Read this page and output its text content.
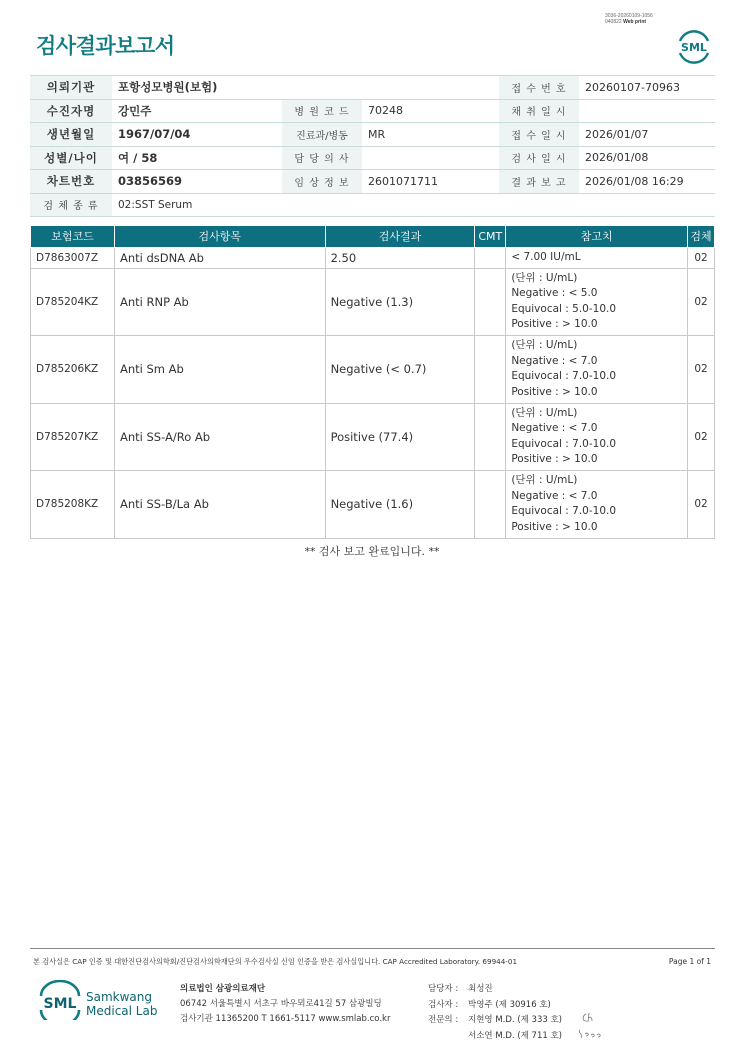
3036-20260109-1056
040822 Web print
검사결과보고서	SML
의뢰기관	포항성모병원(보험)			접 수 번 호	20260107-70963
수진자명	강민주	병 원 코 드	70248	채 취 일 시	
생년월일	1967/07/04	진료과/병동	MR	접 수 일 시	2026/01/07
성별/나이	여 / 58	담 당 의 사		검 사 일 시	2026/01/08
차트번호	03856569	임 상 정 보	2601071711	결 과 보 고	2026/01/08 16:29
검 체 종 류	02:SST Serum				
보험코드	검사항목	검사결과	CMT	참고치	검체
D7863007Z	Anti dsDNA Ab	2.50		< 7.00 IU/mL	02
D785204KZ	Anti RNP Ab	Negative (1.3)		(단위 : U/mL)
Negative : < 5.0
Equivocal : 5.0-10.0
Positive : > 10.0	02
D785206KZ	Anti Sm Ab	Negative (< 0.7)		(단위 : U/mL)
Negative : < 7.0
Equivocal : 7.0-10.0
Positive : > 10.0	02
D785207KZ	Anti SS-A/Ro Ab	Positive (77.4)		(단위 : U/mL)
Negative : < 7.0
Equivocal : 7.0-10.0
Positive : > 10.0	02
D785208KZ	Anti SS-B/La Ab	Negative (1.6)		(단위 : U/mL)
Negative : < 7.0
Equivocal : 7.0-10.0
Positive : > 10.0	02
** 검사 보고 완료입니다. **
본 검사실은 CAP 인증 및 대한진단검사의학회/진단검사의학재단의 우수검사실 신임 인증을 받은 검사실입니다. CAP Accredited Laboratory. 69944-01	Page 1 of 1
SML Samkwang
Medical Lab
의료법인 삼광의료재단
06742 서울특별시 서초구 바우뫼로41길 57 삼광빌딩
검사기관 11365200 T 1661-5117 www.smlab.co.kr
담당자 :	최성진
검사자 :	박영주 (제 30916 호)
전문의 :	지현영 M.D. (제 333 호)
서소연 M.D. (제 711 호)
